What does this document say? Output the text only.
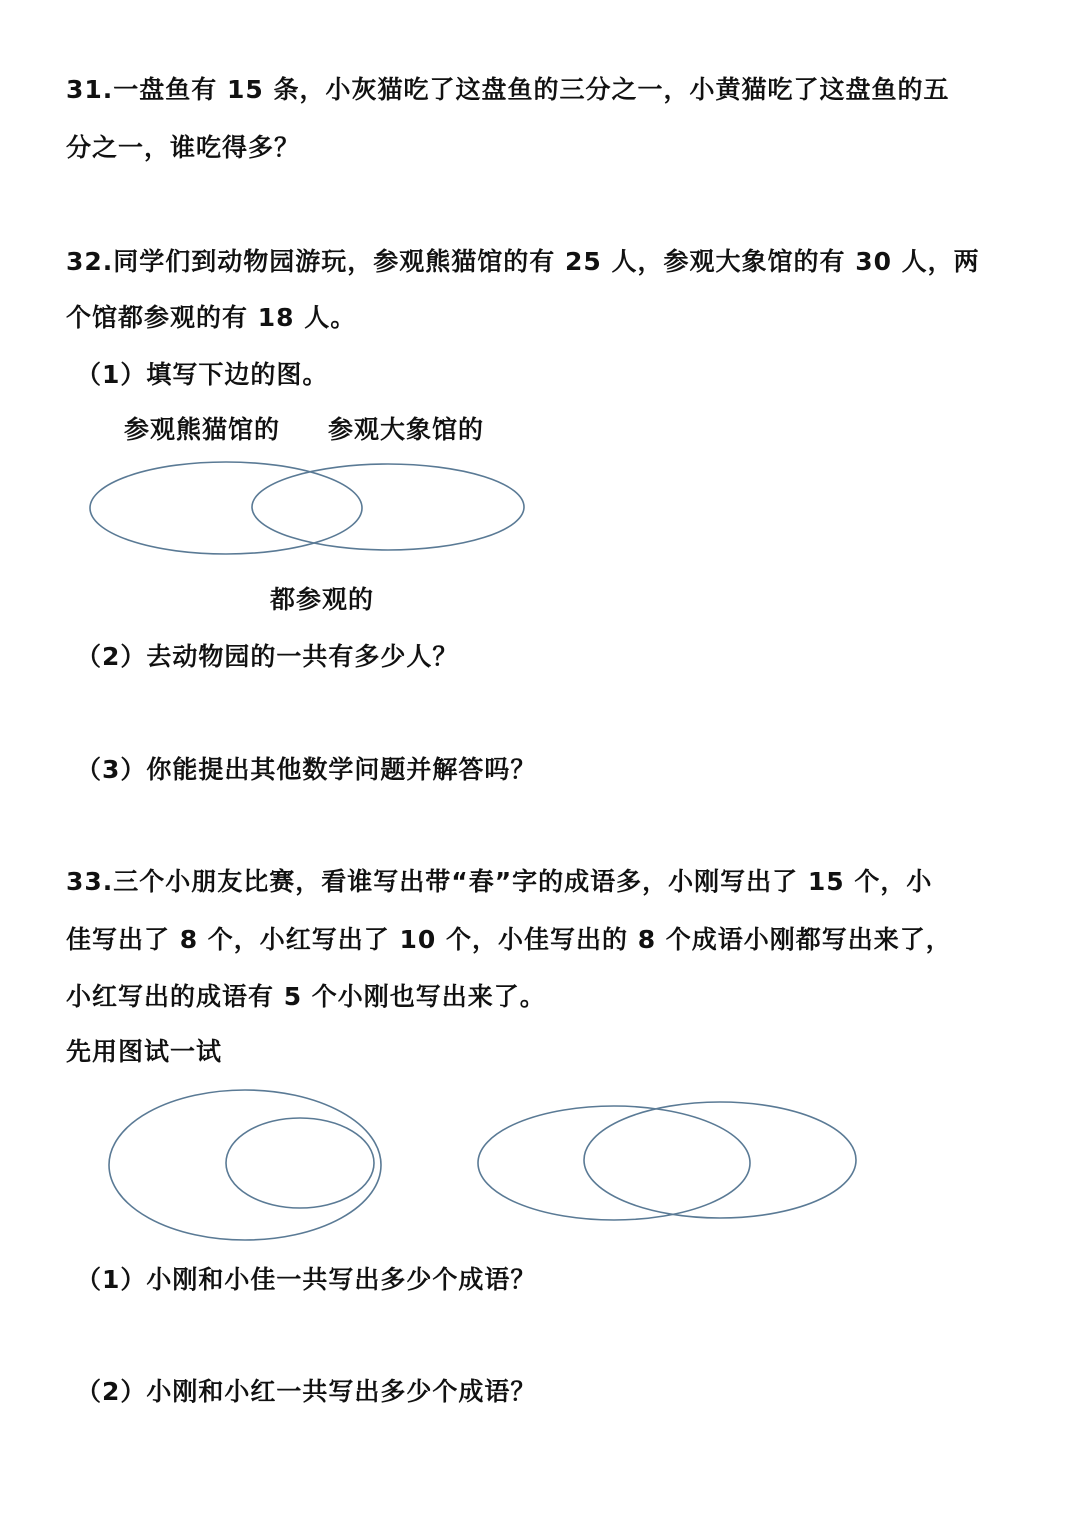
31.一盘鱼有 15 条，小灰猫吃了这盘鱼的三分之一，小黄猫吃了这盘鱼的五
分之一，谁吃得多？
32.同学们到动物园游玩，参观熊猫馆的有 25 人，参观大象馆的有 30 人，两
个馆都参观的有 18 人。
（1）填写下边的图。
参观熊猫馆的 参观大象馆的
都参观的
（2）去动物园的一共有多少人？
（3）你能提出其他数学问题并解答吗？
33.三个小朋友比赛，看谁写出带“春”字的成语多，小刚写出了 15 个，小
佳写出了 8 个，小红写出了 10 个，小佳写出的 8 个成语小刚都写出来了，
小红写出的成语有 5 个小刚也写出来了。
先用图试一试
（1）小刚和小佳一共写出多少个成语？
（2）小刚和小红一共写出多少个成语？
